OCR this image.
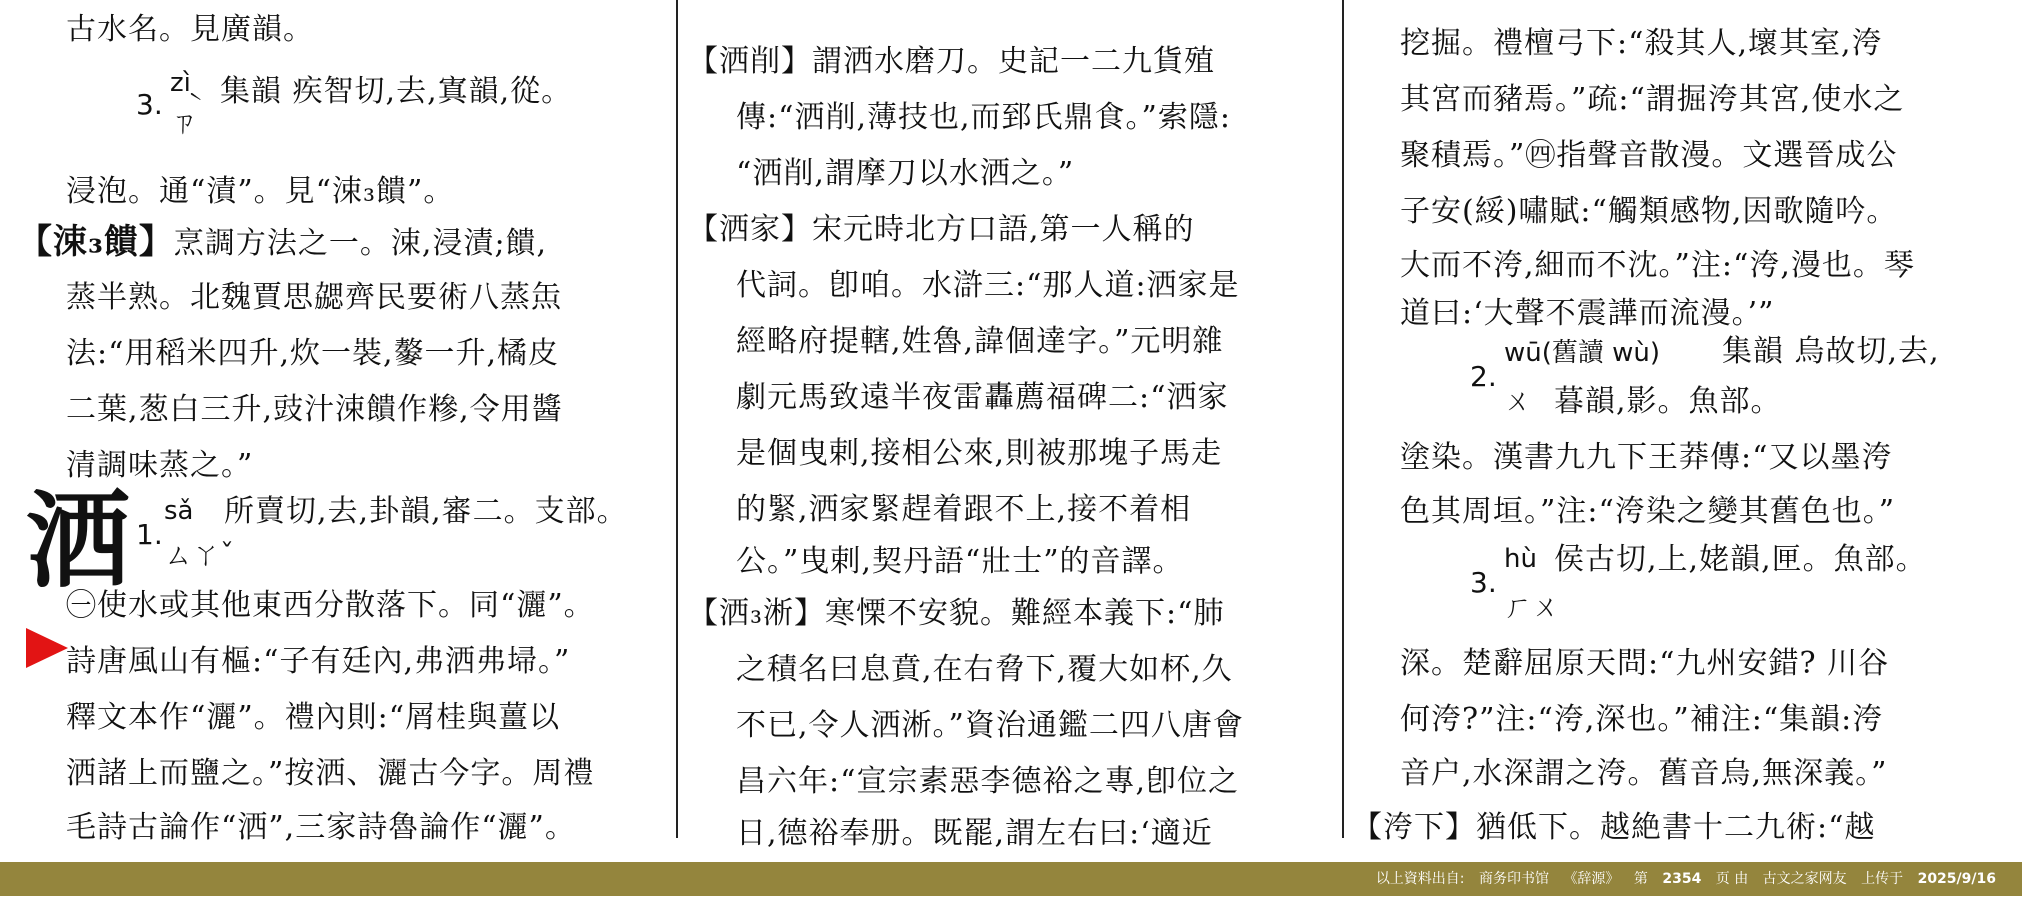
古水名。見廣韻。
zì
3.
ㄗ̀
集韻 疾智切,去,寘韻,從。
浸泡。通“漬”。見“涑₃饋”。
【涑₃饋】烹調方法之一。涑,浸漬;饋,
蒸半熟。北魏賈思勰齊民要術八蒸缹
法:“用稻米四升,炊一裝,䵅一升,橘皮
二葉,葱白三升,豉汁涑饋作糝,令用醬
清調味蒸之。”
洒 sǎ
1.
ㄙㄚˇ
所賣切,去,卦韻,審二。支部。
㊀使水或其他東西分散落下。同“灑”。
詩唐風山有樞:“子有廷內,弗洒弗埽。”
釋文本作“灑”。禮內則:“屑桂與薑以
洒諸上而鹽之。”按洒、灑古今字。周禮
毛詩古論作“洒”,三家詩魯論作“灑”。
【洒削】謂洒水磨刀。史記一二九貨殖
傳:“洒削,薄技也,而郅氏鼎食。”索隱:
“洒削,謂摩刀以水洒之。”
【洒家】宋元時北方口語,第一人稱的
代詞。卽咱。水滸三:“那人道:洒家是
經略府提轄,姓魯,諱個達字。”元明雜
劇元馬致遠半夜雷轟薦福碑二:“洒家
是個曳剌,接相公來,則被那塊子馬走
的緊,洒家緊趕着跟不上,接不着相
公。”曳剌,契丹語“壯士”的音譯。
【洒₃淅】寒慄不安貌。難經本義下:“肺
之積名曰息賁,在右脅下,覆大如杯,久
不已,令人洒淅。”資治通鑑二四八唐會
昌六年:“宣宗素惡李德裕之專,卽位之
日,德裕奉册。既罷,謂左右曰:‘適近
挖掘。禮檀弓下:“殺其人,壞其室,洿
其宮而豬焉。”疏:“謂掘洿其宮,使水之
聚積焉。”㊃指聲音散漫。文選晉成公
子安(綏)嘯賦:“觸類感物,因歌隨吟。
大而不洿,細而不沈。”注:“洿,漫也。琴
道曰:‘大聲不震譁而流漫。’”
wū(舊讀 wù) 集韻 烏故切,去,
2.
ㄨ 暮韻,影。魚部。
塗染。漢書九九下王莽傳:“又以墨洿
色其周垣。”注:“洿染之變其舊色也。”
hù 侯古切,上,姥韻,匣。魚部。
3.
ㄏㄨ
深。楚辭屈原天問:“九州安錯? 川谷
何洿?”注:“洿,深也。”補注:“集韻:洿
音户,水深謂之洿。舊音烏,無深義。”
【洿下】猶低下。越絶書十二九術:“越
以上資料出自: 商务印书馆 《辞源》 第 2354 页 由 古文之家网友 上传于 2025/9/16
